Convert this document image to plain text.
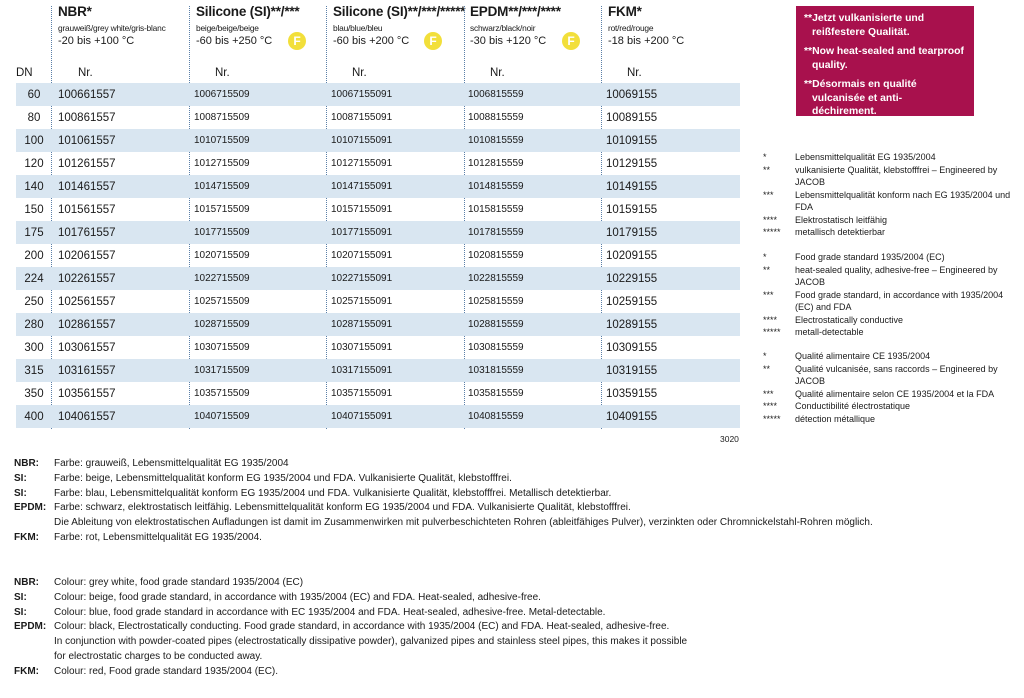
NBR*
grauweiß/grey white/gris-blanc
-20 bis +100 °C
Silicone (SI)**/***
beige/beige/beige
-60 bis +250 °C	F
Silicone (SI)**/***/*****
blau/blue/bleu
-60 bis +200 °C	F
EPDM**/***/****
schwarz/black/noir
-30 bis +120 °C	F
FKM*
rot/red/rouge
-18 bis +200 °C
DN	Nr.	Nr.	Nr.	Nr.	Nr.
60	100661557	1006715509	10067155091	1006815559	10069155
80	100861557	1008715509	10087155091	1008815559	10089155
100	101061557	1010715509	10107155091	1010815559	10109155
120	101261557	1012715509	10127155091	1012815559	10129155
140	101461557	1014715509	10147155091	1014815559	10149155
150	101561557	1015715509	10157155091	1015815559	10159155
175	101761557	1017715509	10177155091	1017815559	10179155
200	102061557	1020715509	10207155091	1020815559	10209155
224	102261557	1022715509	10227155091	1022815559	10229155
250	102561557	1025715509	10257155091	1025815559	10259155
280	102861557	1028715509	10287155091	1028815559	10289155
300	103061557	1030715509	10307155091	1030815559	10309155
315	103161557	1031715509	10317155091	1031815559	10319155
350	103561557	1035715509	10357155091	1035815559	10359155
400	104061557	1040715509	10407155091	1040815559	10409155
3020

**Jetzt vulkanisierte und reißfestere Qualität.

**Now heat-sealed and tearproof quality.

**Désormais en qualité vulcanisée et anti-déchirement.

*	Lebensmittelqualität EG 1935/2004
**	vulkanisierte Qualität, klebstofffrei – Engineered by JACOB
***	Lebensmittelqualität konform nach EG 1935/2004 und FDA
****	Elektrostatisch leitfähig
*****	metallisch detektierbar
*	Food grade standard 1935/2004 (EC)
**	heat-sealed quality, adhesive-free – Engineered by JACOB
***	Food grade standard, in accordance with 1935/2004 (EC) and FDA
****	Electrostatically conductive
*****	metall-detectable
*	Qualité alimentaire CE 1935/2004
**	Qualité vulcanisée, sans raccords – Engineered by JACOB
***	Qualité alimentaire selon CE 1935/2004 et la FDA
****	Conductibilité électrostatique
*****	détection métallique
NBR:	Farbe: grauweiß, Lebensmittelqualität EG 1935/2004
SI:	Farbe: beige, Lebensmittelqualität konform EG 1935/2004 und FDA. Vulkanisierte Qualität, klebstofffrei.
SI:	Farbe: blau, Lebensmittelqualität konform EG 1935/2004 und FDA. Vulkanisierte Qualität, klebstofffrei. Metallisch detektierbar.
EPDM: Farbe: schwarz, elektrostatisch leitfähig. Lebensmittelqualität konform EG 1935/2004 und FDA. Vulkanisierte Qualität, klebstofffrei.
Die Ableitung von elektrostatischen Aufladungen ist damit im Zusammenwirken mit pulverbeschichteten Rohren (ableitfähiges Pulver), verzinkten oder Chromnickelstahl-Rohren möglich.
FKM:	Farbe: rot, Lebensmittelqualität EG 1935/2004.
NBR:	Colour: grey white, food grade standard 1935/2004 (EC)
SI:	Colour: beige, food grade standard, in accordance with 1935/2004 (EC) and FDA. Heat-sealed, adhesive-free.
SI:	Colour: blue, food grade standard in accordance with EC 1935/2004 and FDA. Heat-sealed, adhesive-free. Metal-detectable.
EPDM: Colour: black, Electrostatically conducting. Food grade standard, in accordance with 1935/2004 (EC) and FDA. Heat-sealed, adhesive-free.
In conjunction with powder-coated pipes (electrostatically dissipative powder), galvanized pipes and stainless steel pipes, this makes it possible
for electrostatic charges to be conducted away.
FKM:	Colour: red, Food grade standard 1935/2004 (EC).
